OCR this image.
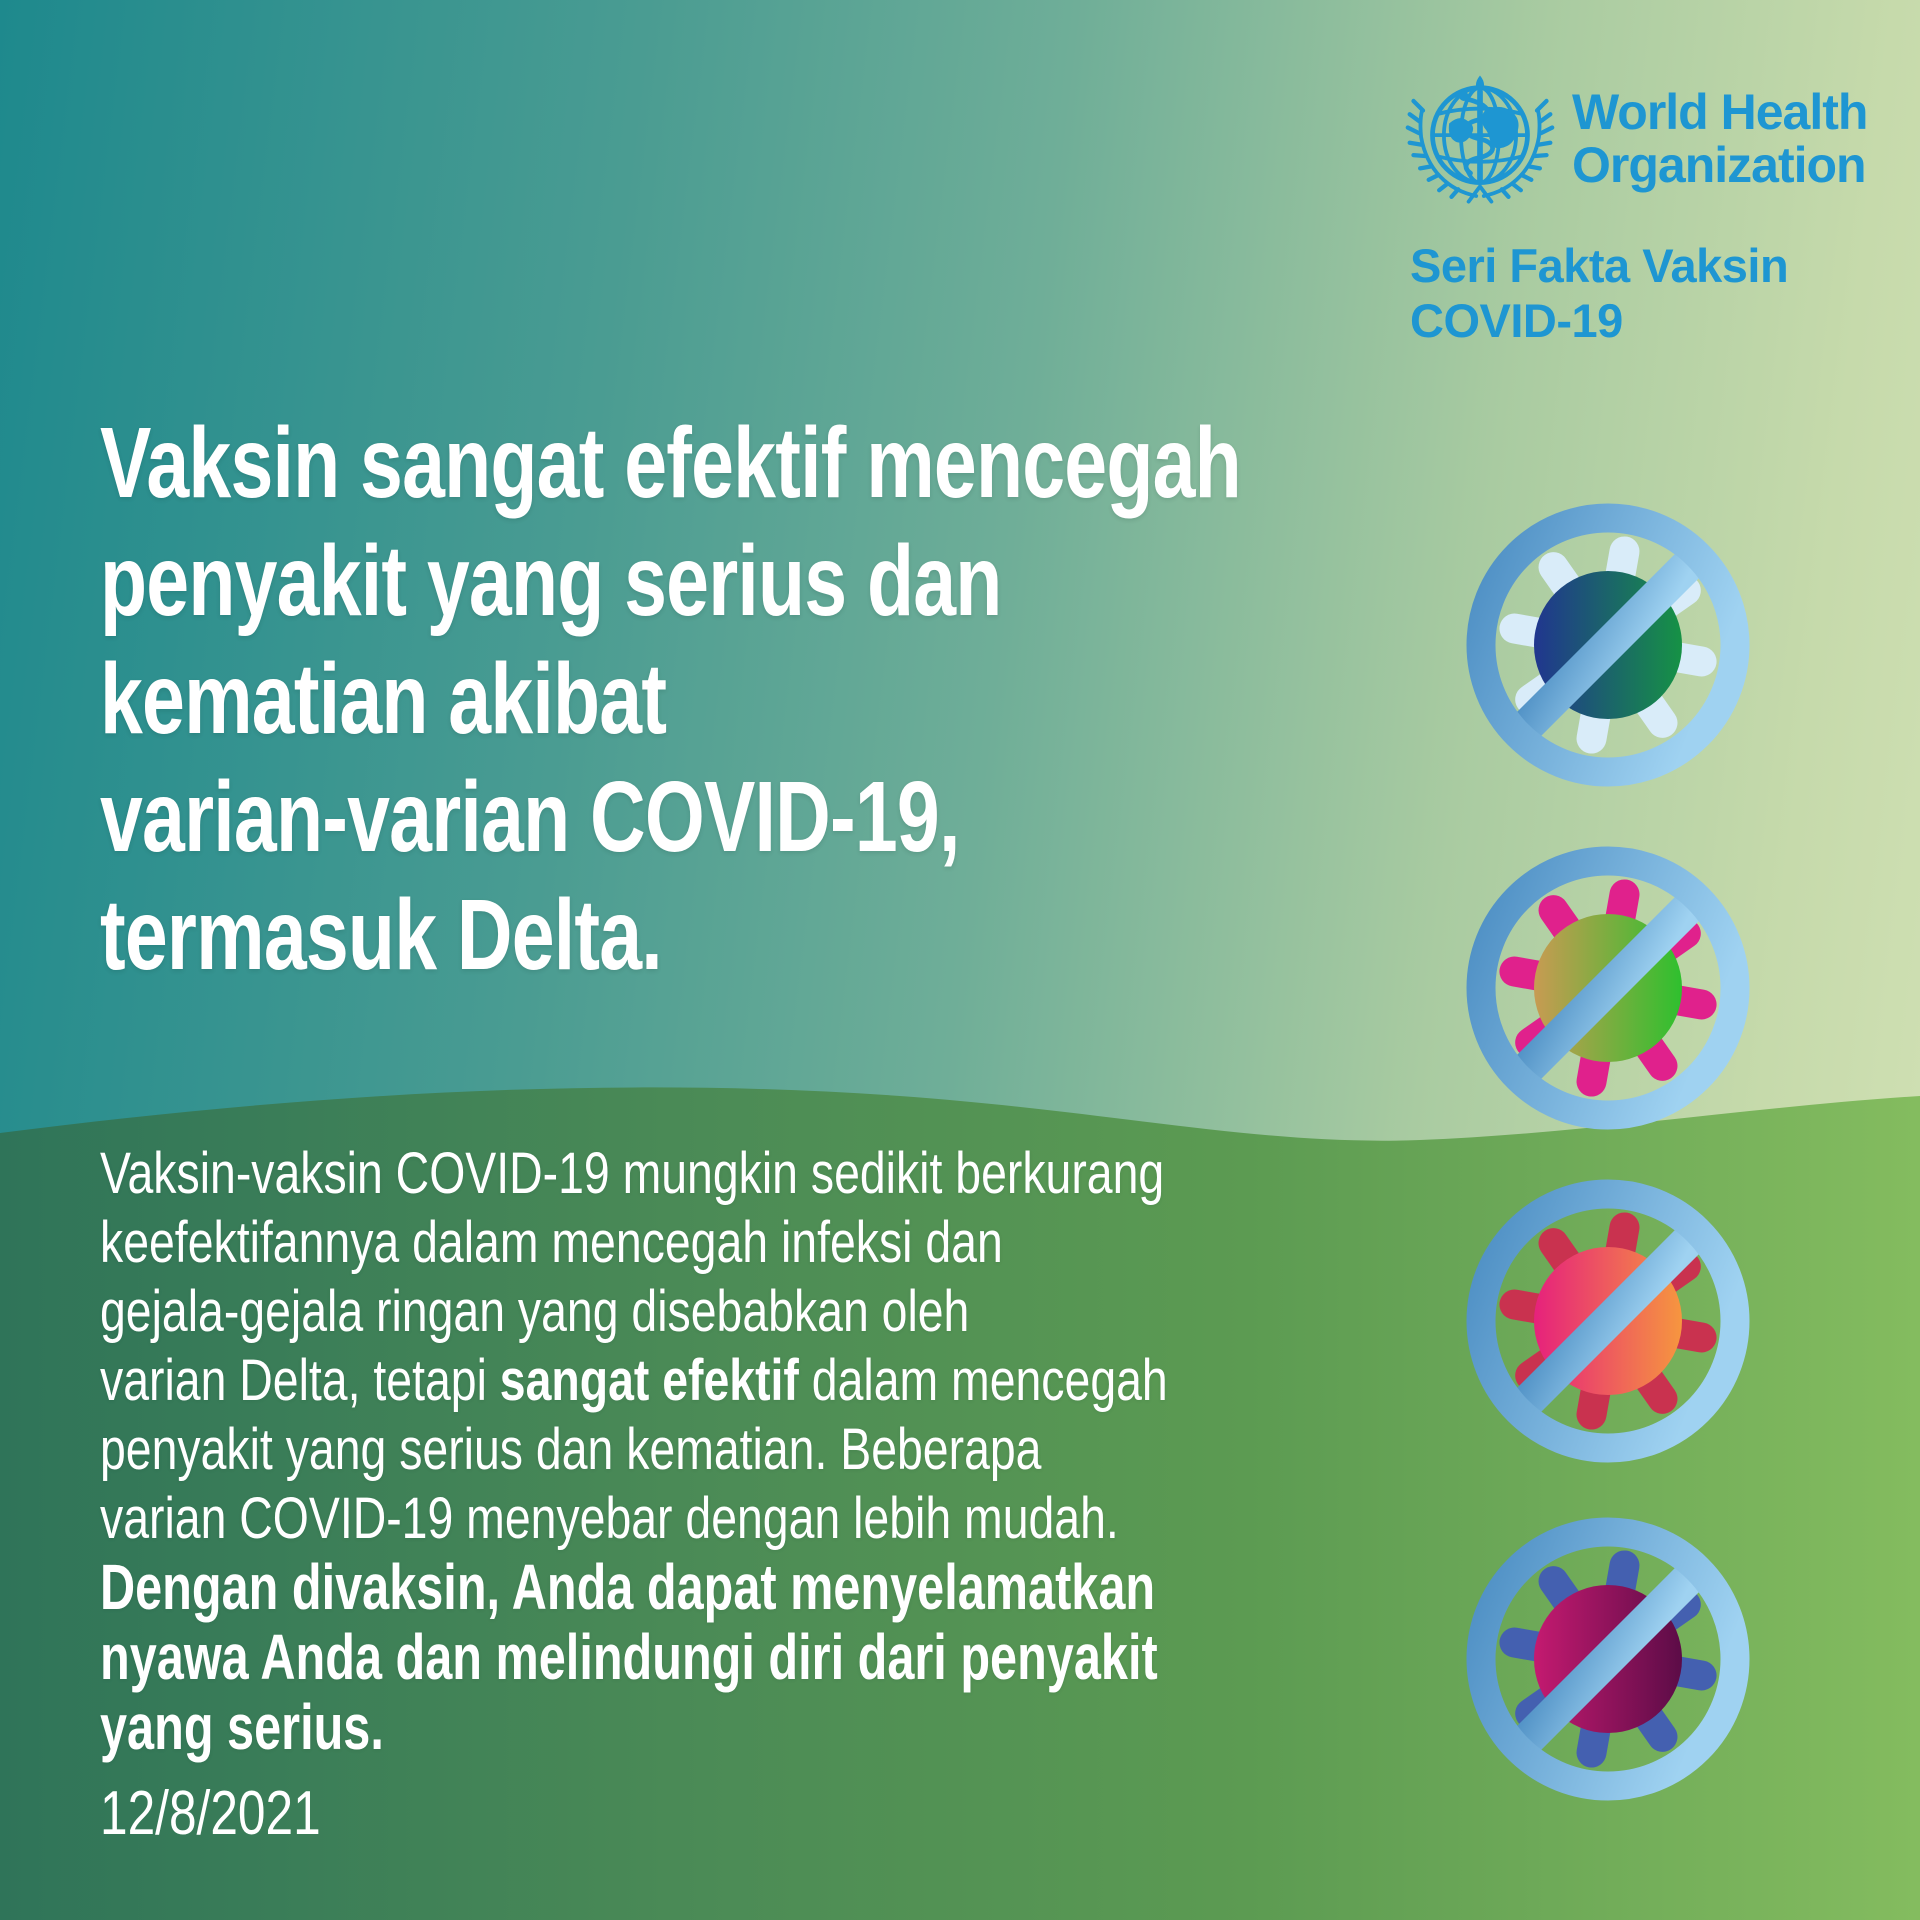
World Health
Organization
Seri Fakta Vaksin
COVID-19
Vaksin sangat efektif mencegah
penyakit yang serius dan
kematian akibat
varian-varian COVID-19,
termasuk Delta.
Vaksin-vaksin COVID-19 mungkin sedikit berkurang
keefektifannya dalam mencegah infeksi dan
gejala-gejala ringan yang disebabkan oleh
varian Delta, tetapi sangat efektif dalam mencegah
penyakit yang serius dan kematian. Beberapa
varian COVID-19 menyebar dengan lebih mudah.
Dengan divaksin, Anda dapat menyelamatkan
nyawa Anda dan melindungi diri dari penyakit
yang serius.
12/8/2021
